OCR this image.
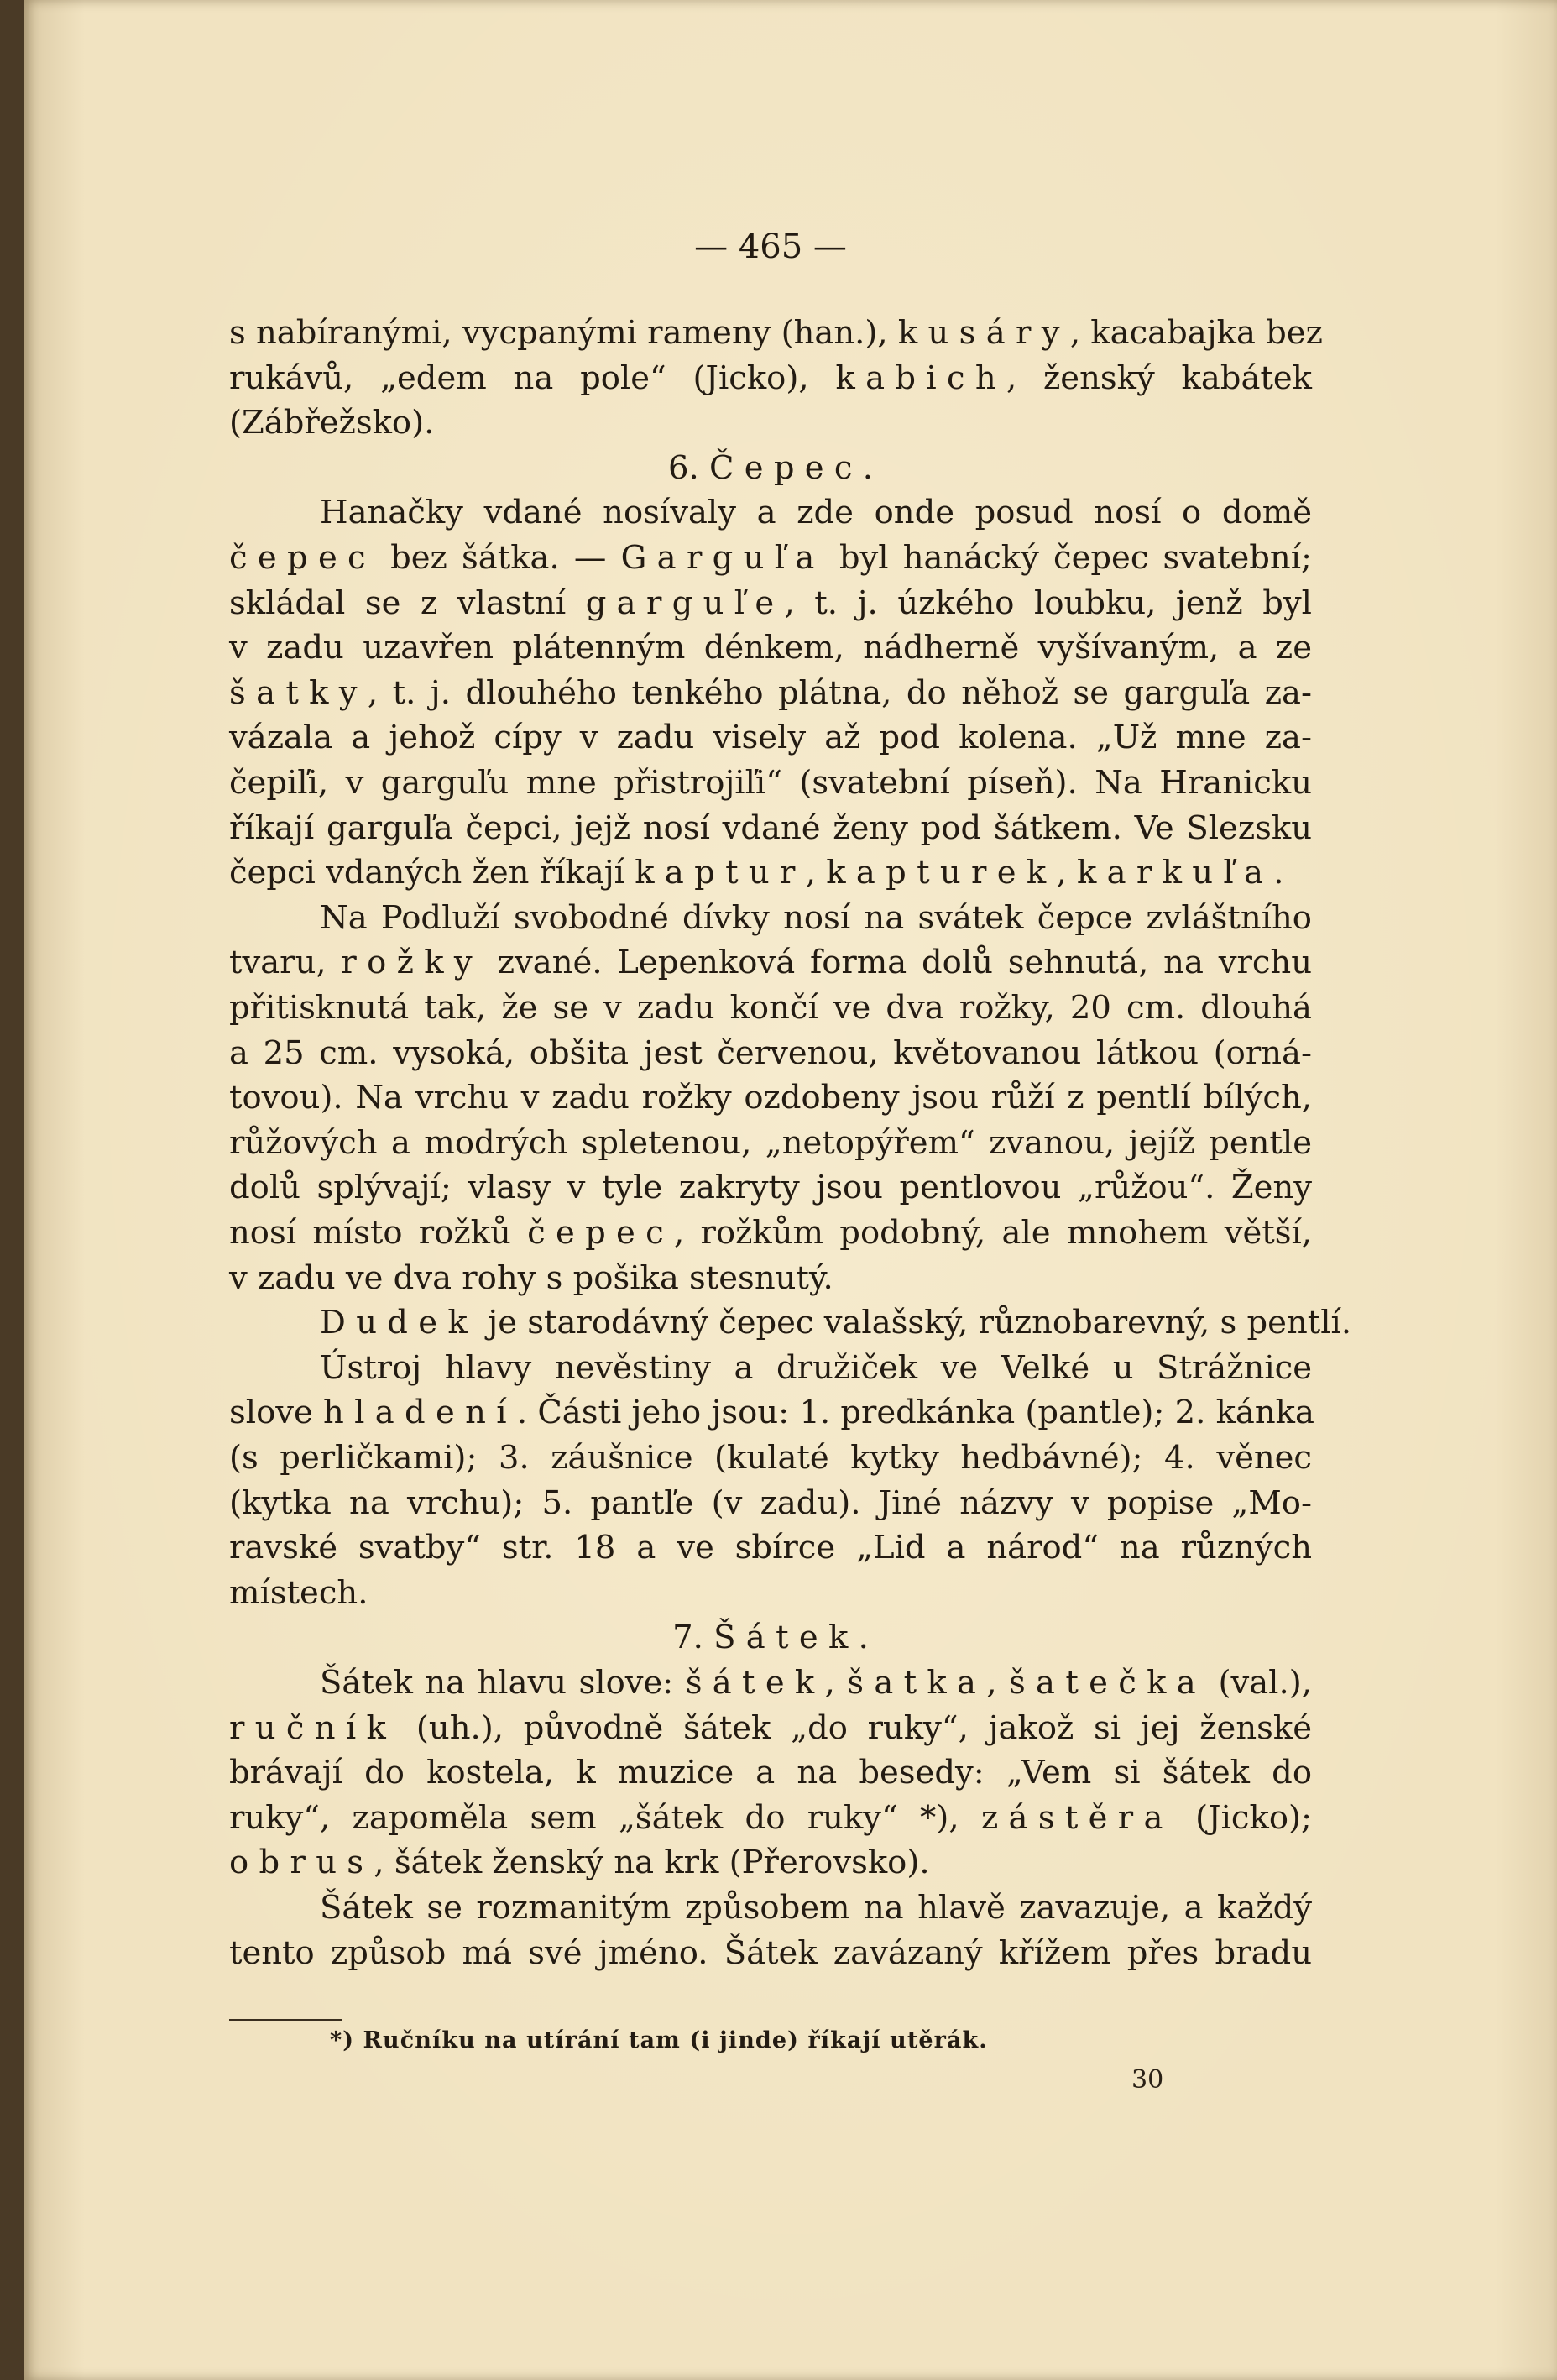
— 465 —
s nabíranými, vycpanými rameny (han.), kusáry, kacabajka bez
rukávů, „edem na pole“ (Jicko), kabich, ženský kabátek
(Zábřežsko).
6. Čepec.
Hanačky vdané nosívaly a zde onde posud nosí o domě
čepec bez šátka. — Garguľa byl hanácký čepec svatební;
skládal se z vlastní garguľe, t. j. úzkého loubku, jenž byl
v zadu uzavřen plátenným dénkem, nádherně vyšívaným, a ze
šatky, t. j. dlouhého tenkého plátna, do něhož se garguľa za-
vázala a jehož cípy v zadu visely až pod kolena. „Už mne za-
čepiľi, v garguľu mne přistrojiľi“ (svatební píseň). Na Hranicku
říkají garguľa čepci, jejž nosí vdané ženy pod šátkem. Ve Slezsku
čepci vdaných žen říkají kaptur, kapturek, karkuľa.
Na Podluží svobodné dívky nosí na svátek čepce zvláštního
tvaru, rožky zvané. Lepenková forma dolů sehnutá, na vrchu
přitisknutá tak, že se v zadu končí ve dva rožky, 20 cm. dlouhá
a 25 cm. vysoká, obšita jest červenou, květovanou látkou (orná-
tovou). Na vrchu v zadu rožky ozdobeny jsou růží z pentlí bílých,
růžových a modrých spletenou, „netopýřem“ zvanou, jejíž pentle
dolů splývají; vlasy v tyle zakryty jsou pentlovou „růžou“. Ženy
nosí místo rožků čepec, rožkům podobný, ale mnohem větší,
v zadu ve dva rohy s pošika stesnutý.
Dudek je starodávný čepec valašský, různobarevný, s pentlí.
Ústroj hlavy nevěstiny a družiček ve Velké u Strážnice
slove hladení. Části jeho jsou: 1. predkánka (pantle); 2. kánka
(s perličkami); 3. záušnice (kulaté kytky hedbávné); 4. věnec
(kytka na vrchu); 5. pantľe (v zadu). Jiné názvy v popise „Mo-
ravské svatby“ str. 18 a ve sbírce „Lid a národ“ na různých
místech.
7. Šátek.
Šátek na hlavu slove: šátek, šatka, šatečka (val.),
ručník (uh.), původně šátek „do ruky“, jakož si jej ženské
brávají do kostela, k muzice a na besedy: „Vem si šátek do
ruky“, zapoměla sem „šátek do ruky“ *), zástěra (Jicko);
obrus, šátek ženský na krk (Přerovsko).
Šátek se rozmanitým způsobem na hlavě zavazuje, a každý
tento způsob má své jméno. Šátek zavázaný křížem přes bradu
*) Ručníku na utírání tam (i jinde) říkají utěrák.
30
